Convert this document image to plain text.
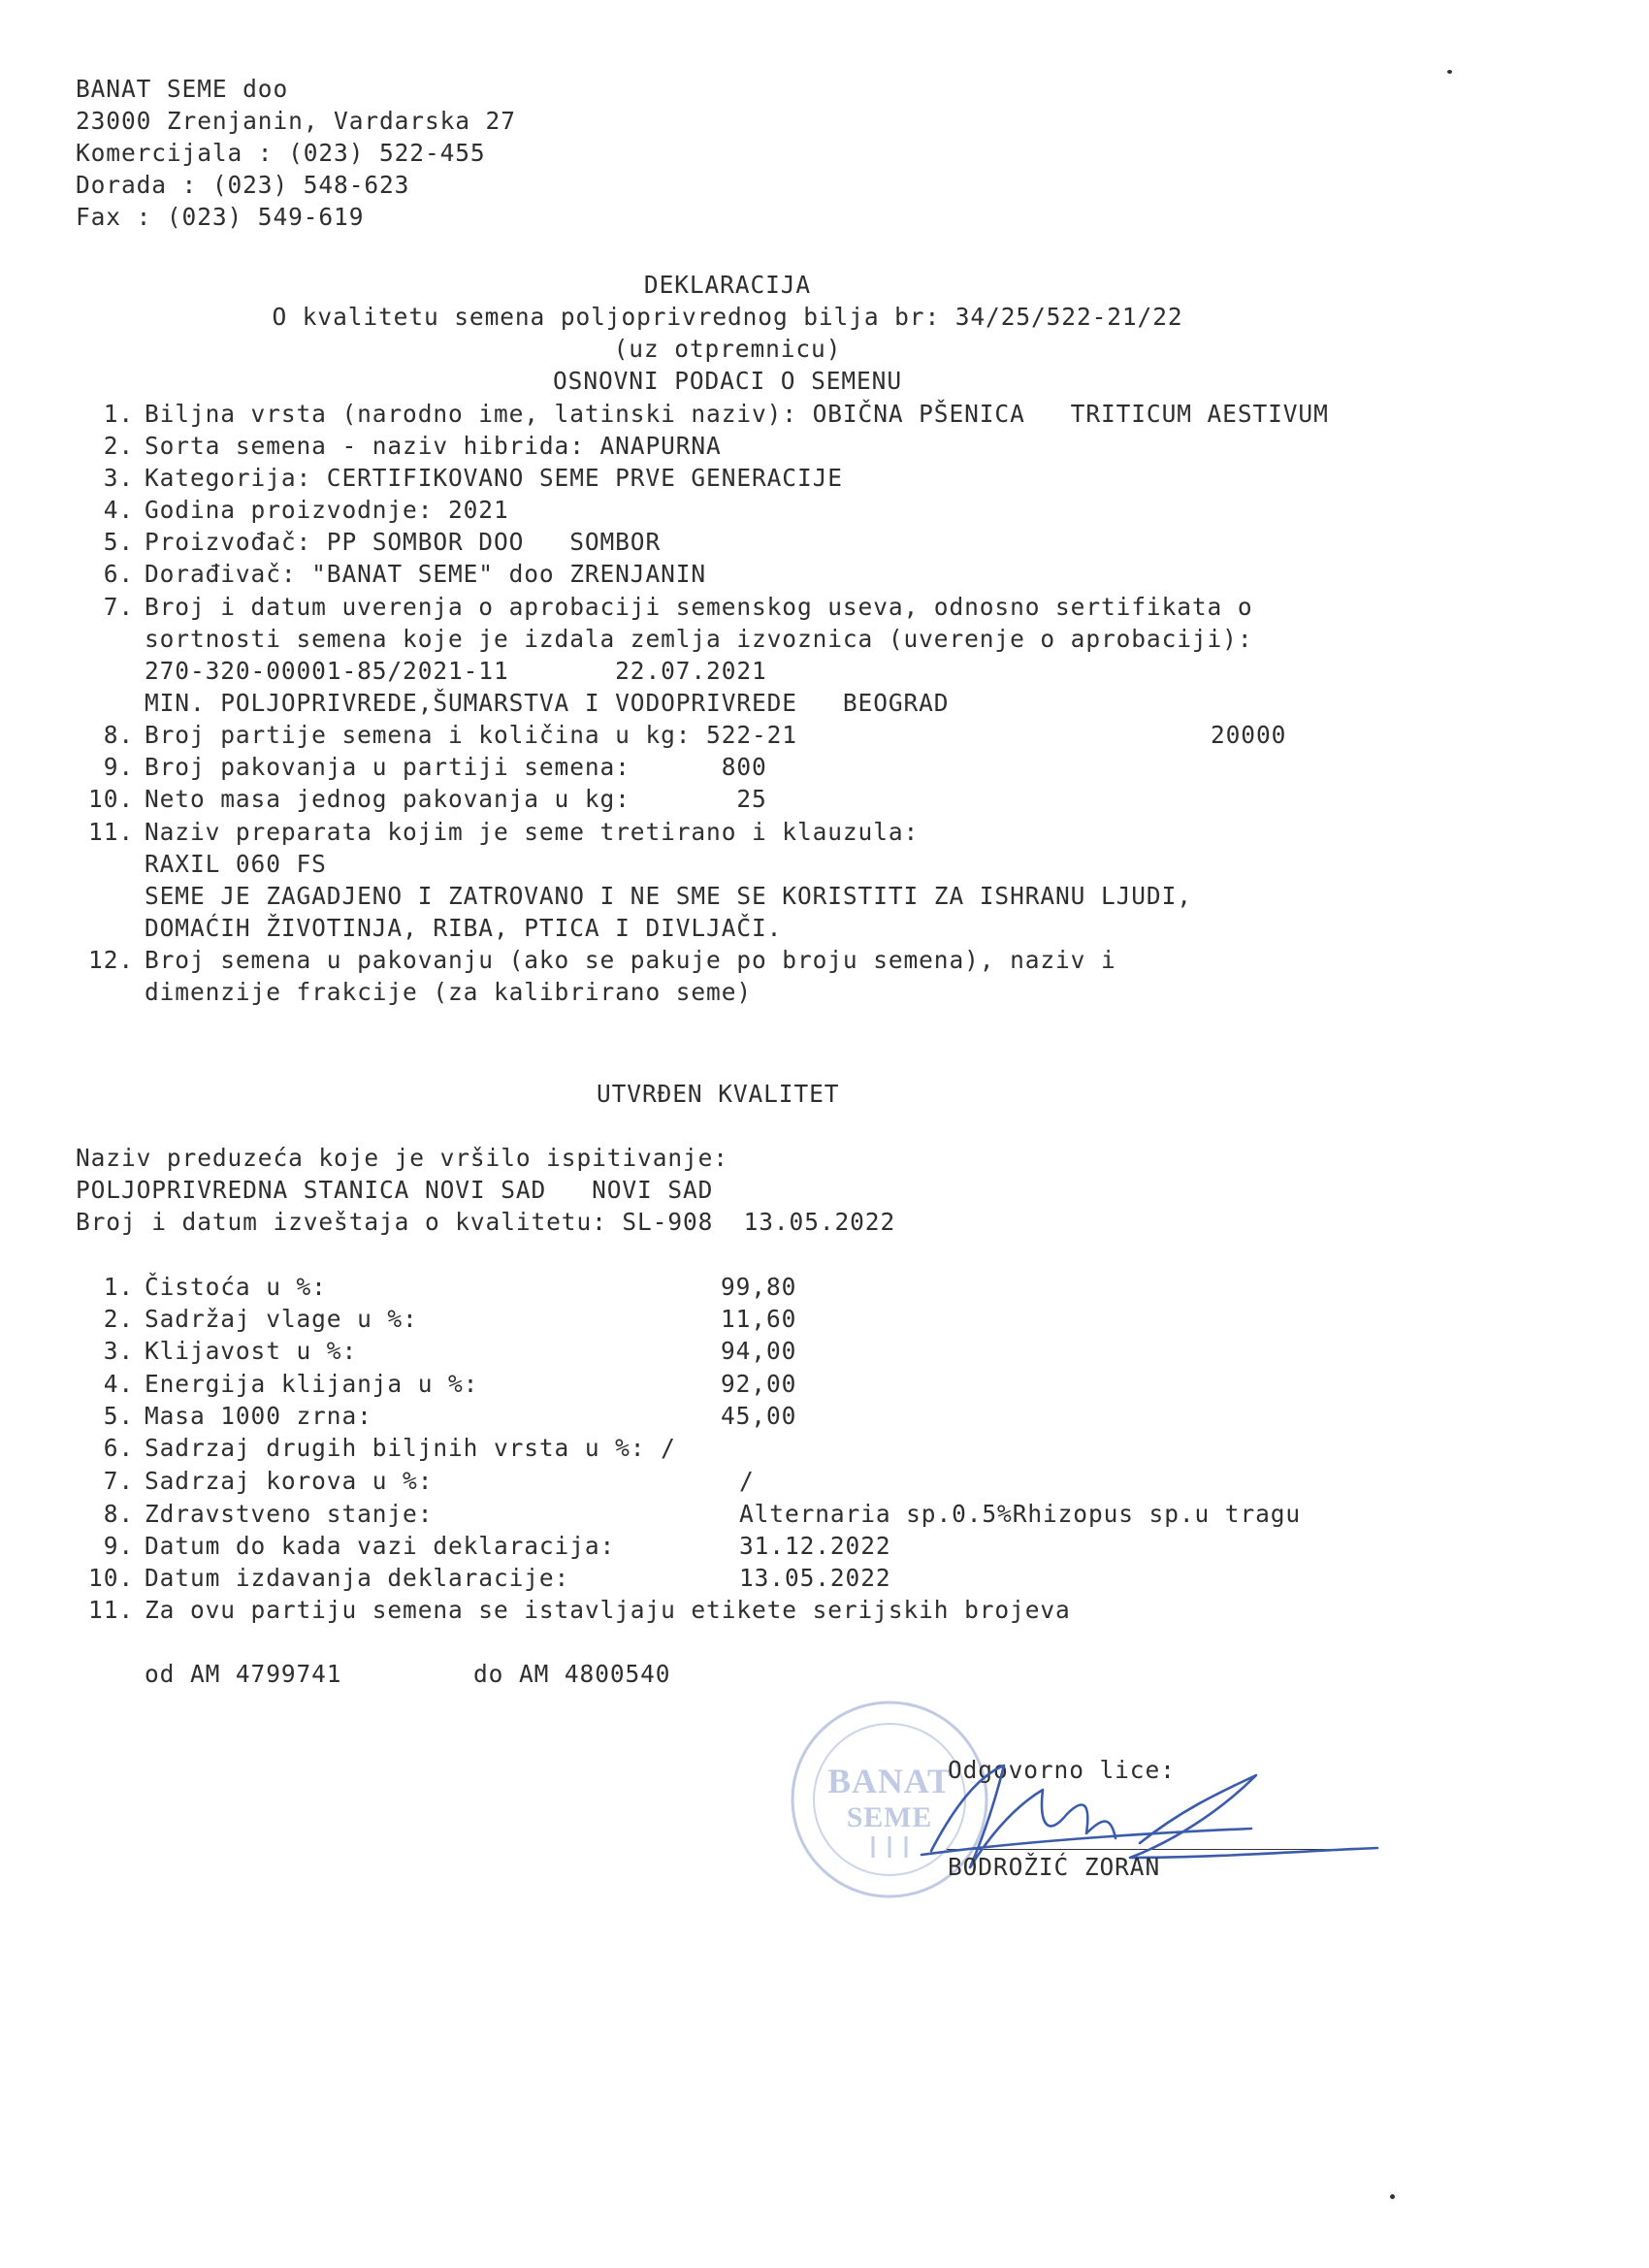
BANAT SEME doo
23000 Zrenjanin, Vardarska 27
Komercijala : (023) 522-455
Dorada : (023) 548-623
Fax : (023) 549-619
DEKLARACIJA
O kvalitetu semena poljoprivrednog bilja br: 34/25/522-21/22
(uz otpremnicu)
OSNOVNI PODACI O SEMENU
1. Biljna vrsta (narodno ime, latinski naziv): OBIČNA PŠENICA   TRITICUM AESTIVUM
2. Sorta semena - naziv hibrida: ANAPURNA
3. Kategorija: CERTIFIKOVANO SEME PRVE GENERACIJE
4. Godina proizvodnje: 2021
5. Proizvođač: PP SOMBOR DOO   SOMBOR
6. Dorađivač: "BANAT SEME" doo ZRENJANIN
7. Broj i datum uverenja o aprobaciji semenskog useva, odnosno sertifikata o
sortnosti semena koje je izdala zemlja izvoznica (uverenje o aprobaciji):
270-320-00001-85/2021-11       22.07.2021
MIN. POLJOPRIVREDE,ŠUMARSTVA I VODOPRIVREDE   BEOGRAD
8. Broj partije semena i količina u kg: 522-21	20000
9. Broj pakovanja u partiji semena:      800
10. Neto masa jednog pakovanja u kg:       25
11. Naziv preparata kojim je seme tretirano i klauzula:
RAXIL 060 FS
SEME JE ZAGADJENO I ZATROVANO I NE SME SE KORISTITI ZA ISHRANU LJUDI,
DOMAĆIH ŽIVOTINJA, RIBA, PTICA I DIVLJAČI.
12. Broj semena u pakovanju (ako se pakuje po broju semena), naziv i
dimenzije frakcije (za kalibrirano seme)
UTVRĐEN KVALITET
Naziv preduzeća koje je vršilo ispitivanje:
POLJOPRIVREDNA STANICA NOVI SAD   NOVI SAD
Broj i datum izveštaja o kvalitetu: SL-908  13.05.2022
1. Čistoća u %:	99,80
2. Sadržaj vlage u %:	11,60
3. Klijavost u %:	94,00
4. Energija klijanja u %:	92,00
5. Masa 1000 zrna:	45,00
6. Sadrzaj drugih biljnih vrsta u %: /
7. Sadrzaj korova u %:	/
8. Zdravstveno stanje:	Alternaria sp.0.5%Rhizopus sp.u tragu
9. Datum do kada vazi deklaracija:	31.12.2022
10. Datum izdavanja deklaracije:	13.05.2022
11. Za ovu partiju semena se istavljaju etikete serijskih brojeva
od AM 4799741	do AM 4800540
BANAT
SEME
Odgovorno lice:
BODROŽIĆ ZORAN
